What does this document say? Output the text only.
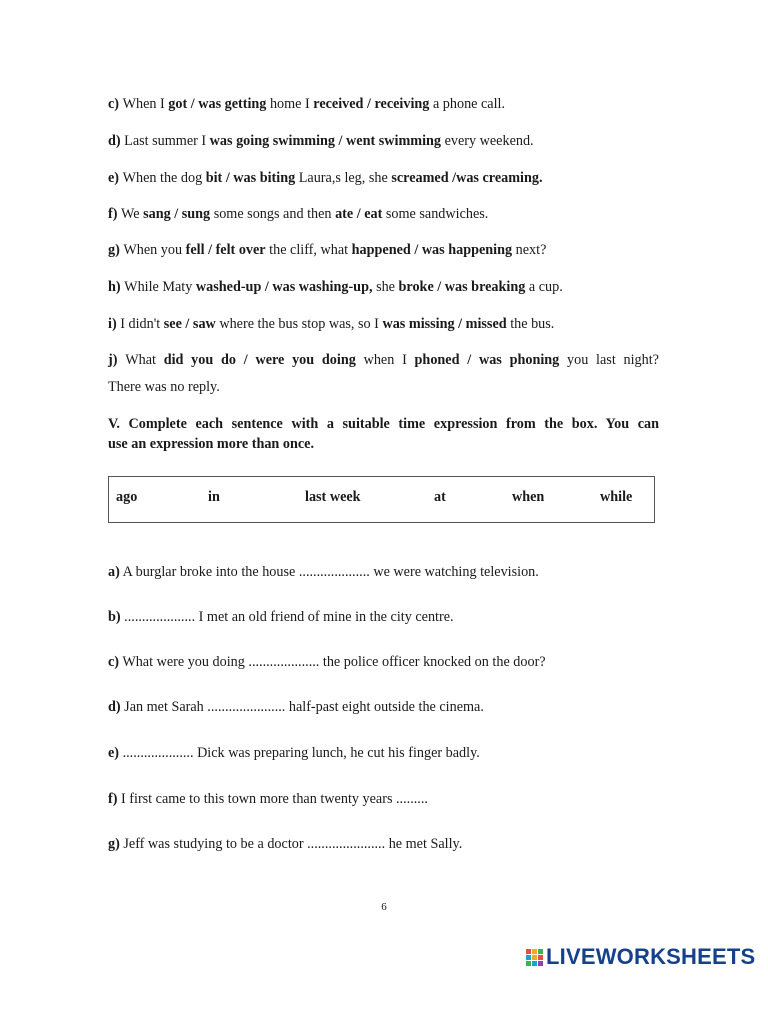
c) When I got / was getting home I received / receiving a phone call.
d) Last summer I was going swimming / went swimming every weekend.
e) When the dog bit / was biting Laura,s leg, she screamed /was creaming.
f) We sang / sung some songs and then ate / eat some sandwiches.
g) When you fell / felt over the cliff, what happened / was happening next?
h) While Maty washed-up / was washing-up, she broke / was breaking a cup.
i) I didn't see / saw where the bus stop was, so I was missing / missed the bus.
j) What did you do / were you doing when I phoned / was phoning you last night?
There was no reply.
V. Complete each sentence with a suitable time expression from the box. You can
use an expression more than once.
ago	in	last week	at	when	while
a) A burglar broke into the house .................... we were watching television.
b) .................... I met an old friend of mine in the city centre.
c) What were you doing .................... the police officer knocked on the door?
d) Jan met Sarah ...................... half-past eight outside the cinema.
e) .................... Dick was preparing lunch, he cut his finger badly.
f) I first came to this town more than twenty years .........
g) Jeff was studying to be a doctor ...................... he met Sally.
6
LIVEWORKSHEETS
